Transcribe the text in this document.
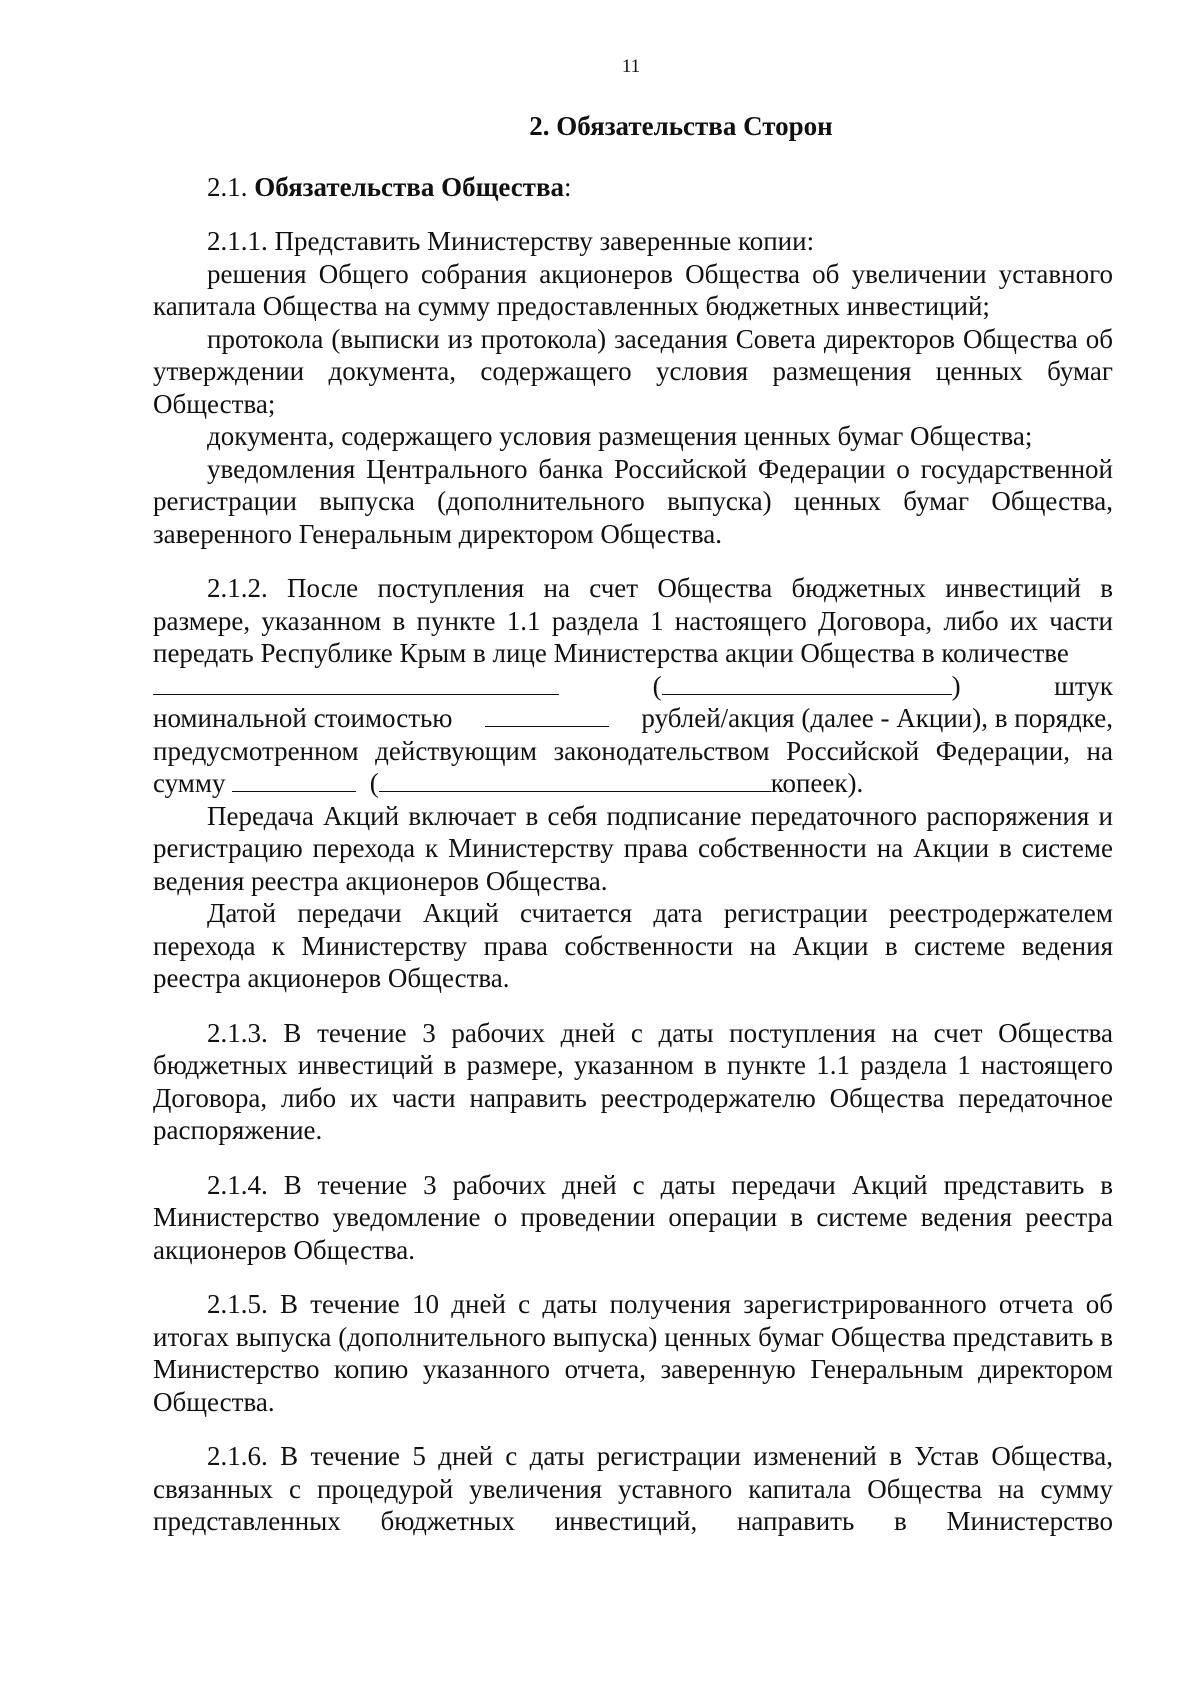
11

2. Обязательства Сторон

2.1. Обязательства Общества:

2.1.1. Представить Министерству заверенные копии:

решения Общего собрания акционеров Общества об увеличении уставного капитала Общества на сумму предоставленных бюджетных инвестиций;

протокола (выписки из протокола) заседания Совета директоров Общества об утверждении документа, содержащего условия размещения ценных бумаг Общества;

документа, содержащего условия размещения ценных бумаг Общества;

уведомления Центрального банка Российской Федерации о государственной регистрации выпуска (дополнительного выпуска) ценных бумаг Общества, заверенного Генеральным директором Общества.

2.1.2. После поступления на счет Общества бюджетных инвестиций в размере, указанном в пункте 1.1 раздела 1 настоящего Договора, либо их части передать Республике Крым в лице Министерства акции Общества в количестве

(	)	штук
номинальной стоимостью	рублей/акция (далее - Акции), в порядке,

предусмотренном действующим законодательством Российской Федерации, на

сумму	(	копеек).

Передача Акций включает в себя подписание передаточного распоряжения и регистрацию перехода к Министерству права собственности на Акции в системе ведения реестра акционеров Общества.

Датой передачи Акций считается дата регистрации реестродержателем перехода к Министерству права собственности на Акции в системе ведения реестра акционеров Общества.

2.1.3. В течение 3 рабочих дней с даты поступления на счет Общества бюджетных инвестиций в размере, указанном в пункте 1.1 раздела 1 настоящего Договора, либо их части направить реестродержателю Общества передаточное распоряжение.

2.1.4. В течение 3 рабочих дней с даты передачи Акций представить в Министерство уведомление о проведении операции в системе ведения реестра акционеров Общества.

2.1.5. В течение 10 дней с даты получения зарегистрированного отчета об итогах выпуска (дополнительного выпуска) ценных бумаг Общества представить в Министерство копию указанного отчета, заверенную Генеральным директором Общества.

2.1.6. В течение 5 дней с даты регистрации изменений в Устав Общества, связанных с процедурой увеличения уставного капитала Общества на сумму представленных бюджетных инвестиций, направить в Министерство
